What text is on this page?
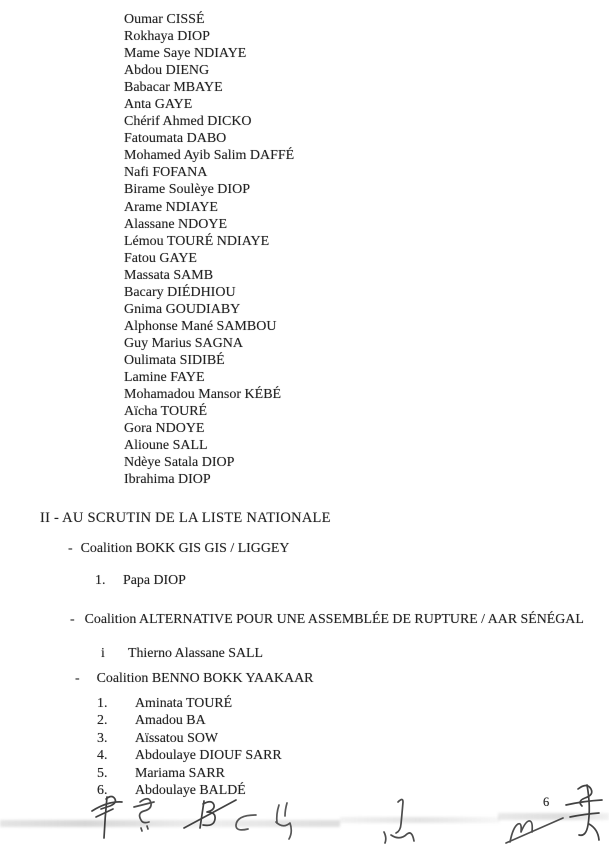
Oumar CISSÉ
Rokhaya DIOP
Mame Saye NDIAYE
Abdou DIENG
Babacar MBAYE
Anta GAYE
Chérif Ahmed DICKO
Fatoumata DABO
Mohamed Ayib Salim DAFFÉ
Nafi FOFANA
Birame Soulèye DIOP
Arame NDIAYE
Alassane NDOYE
Lémou TOURÉ NDIAYE
Fatou GAYE
Massata SAMB
Bacary DIÉDHIOU
Gnima GOUDIABY
Alphonse Mané SAMBOU
Guy Marius SAGNA
Oulimata SIDIBÉ
Lamine FAYE
Mohamadou Mansor KÉBÉ
Aïcha TOURÉ
Gora NDOYE
Alioune SALL
Ndèye Satala DIOP
Ibrahima DIOP
II - AU SCRUTIN DE LA LISTE NATIONALE
- Coalition BOKK GIS GIS / LIGGEY
1.	Papa DIOP
- Coalition ALTERNATIVE POUR UNE ASSEMBLÉE DE RUPTURE / AAR SÉNÉGAL
i	Thierno Alassane SALL
- Coalition BENNO BOKK YAAKAAR
1.	Aminata TOURÉ
2.	Amadou BA
3.	Aïssatou SOW
4.	Abdoulaye DIOUF SARR
5.	Mariama SARR
6.	Abdoulaye BALDÉ
6
